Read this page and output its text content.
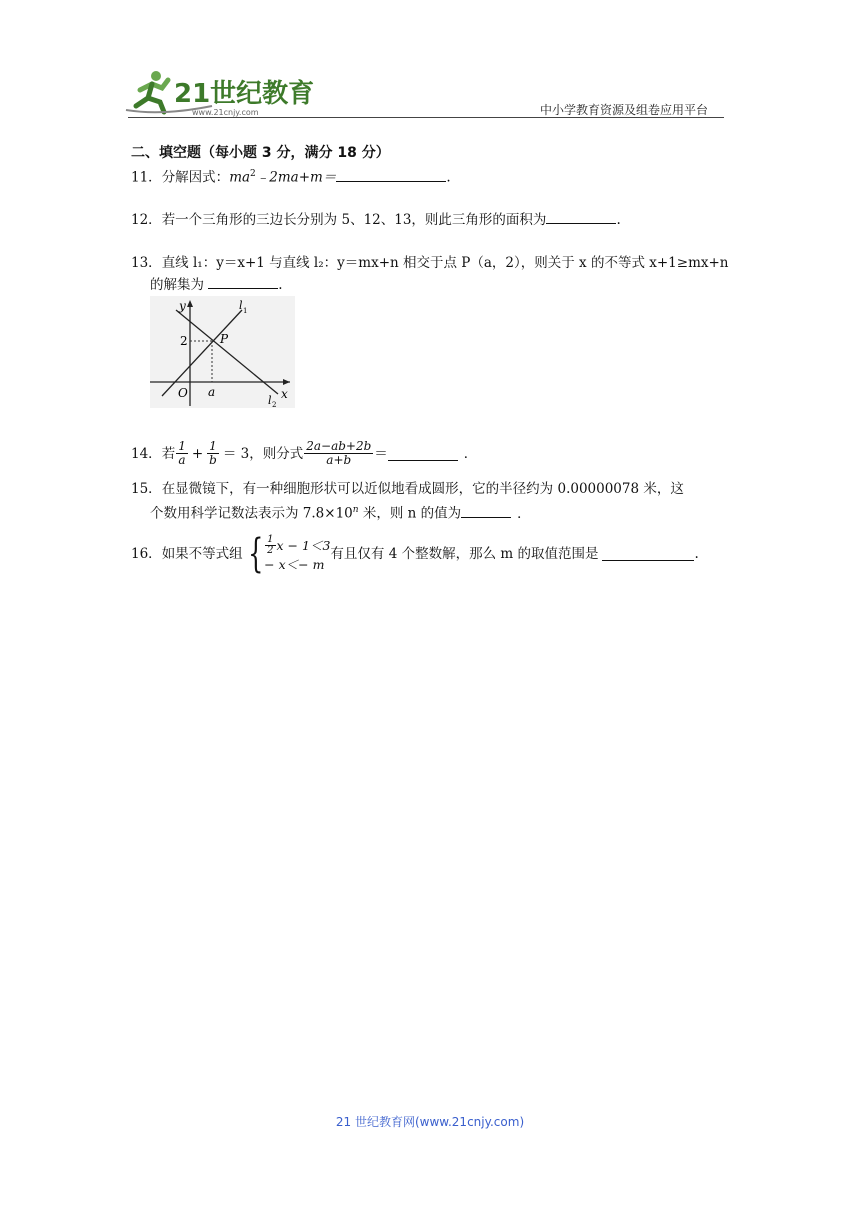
21世纪教育
www.21cnjy.com	中小学教育资源及组卷应用平台
二、填空题（每小题 3 分，满分 18 分）
11．分解因式：$ma^2﹣2ma+m=$	.
12．若一个三角形的三边长分别为 5、12、13，则此三角形的面积为	.
13．直线 l₁：y＝x+1 与直线 l₂：y＝mx+n 相交于点 P（a，2），则关于 x 的不等式 x+1≥mx+n
的解集为	.
y
x
O a
2	P
l 1
l 2
14． 若 $\frac{1}{a} + \frac{1}{b} = 3$，则分式 $\frac{2a-ab+2b}{a+b}$ ＝	．
15．在显微镜下，有一种细胞形状可以近似地看成圆形，它的半径约为 0.00000078 米，这
个数用科学记数法表示为 $7.8\times 10^n$ 米，则 n 的值为	．
16． 如果不等式组 { $\frac{1}{2}$ x − 1＜3
− x＜− m
有且仅有 4 个整数解，那么 m 的取值范围是	.
21 世纪教育网(www.21cnjy.com)
